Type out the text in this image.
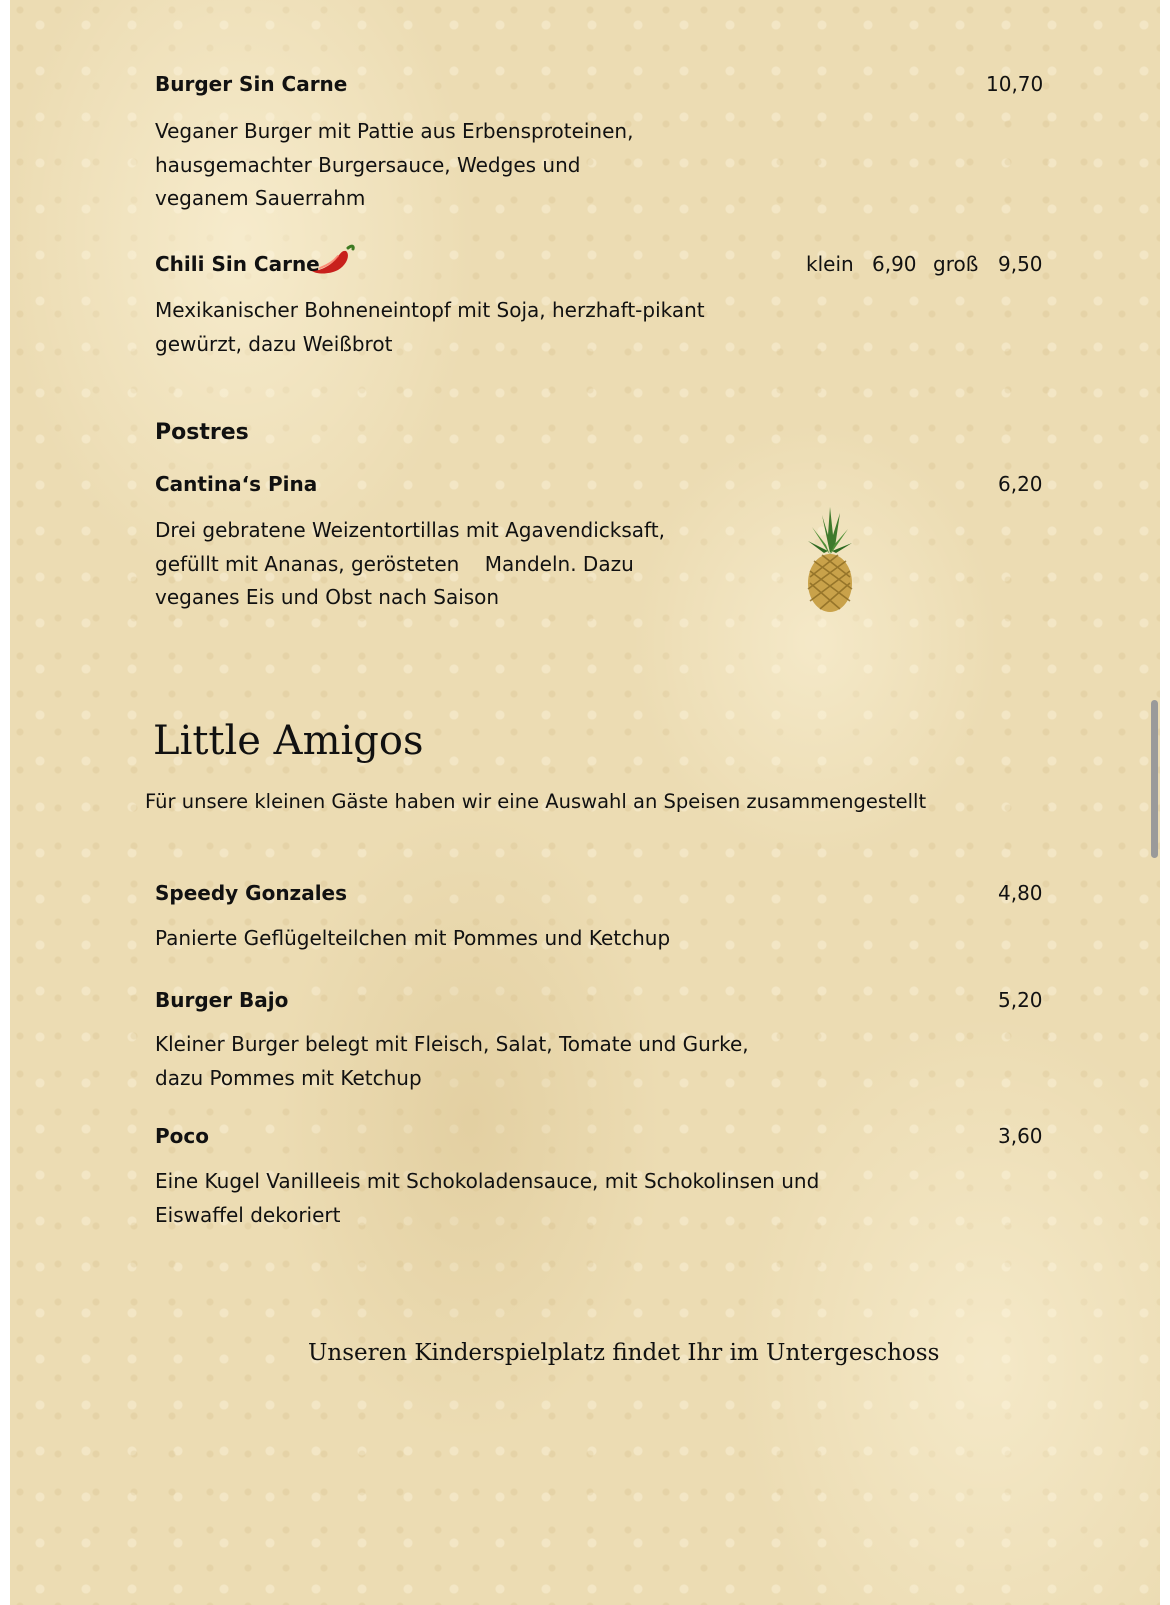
Burger Sin Carne	10,70

Veganer Burger mit Pattie aus Erbensproteinen, hausgemachter Burgersauce, Wedges und veganem Sauerrahm

Chili Sin Carne	klein 6,90 groß 9,50

Mexikanischer Bohneneintopf mit Soja, herzhaft-pikant gewürzt, dazu Weißbrot

Postres
Cantina‘s Pina	6,20

Drei gebratene Weizentortillas mit Agavendicksaft, gefüllt mit Ananas, gerösteten    Mandeln. Dazu veganes Eis und Obst nach Saison

Little Amigos
Für unsere kleinen Gäste haben wir eine Auswahl an Speisen zusammengestellt
Speedy Gonzales	4,80

Panierte Geflügelteilchen mit Pommes und Ketchup

Burger Bajo	5,20

Kleiner Burger belegt mit Fleisch, Salat, Tomate und Gurke, dazu Pommes mit Ketchup

Poco	3,60

Eine Kugel Vanilleeis mit Schokoladensauce, mit Schokolinsen und Eiswaffel dekoriert

Unseren Kinderspielplatz findet Ihr im Untergeschoss
